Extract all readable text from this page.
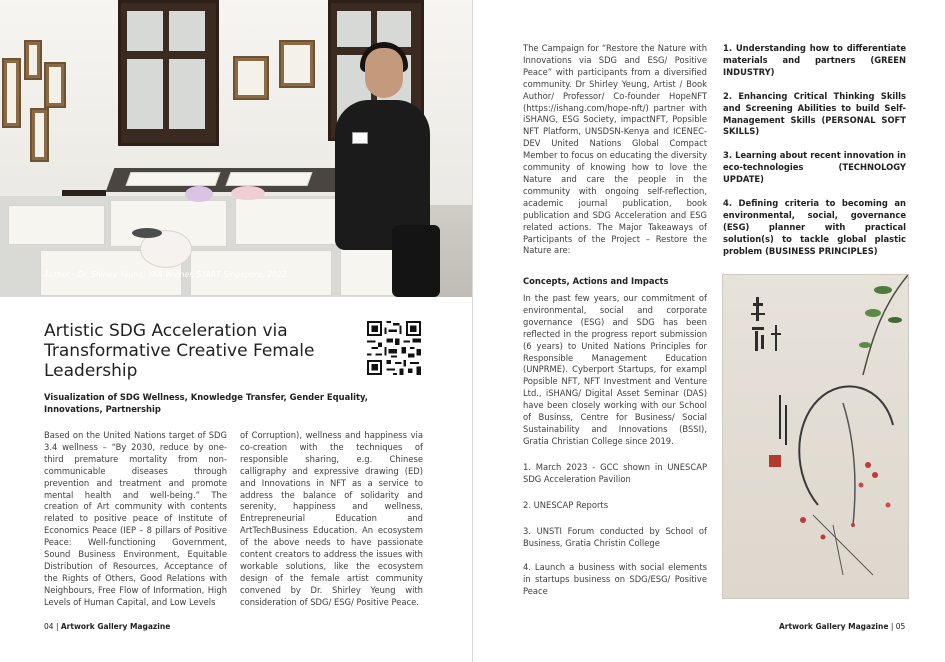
Author - Dr. Shirley Yeung, YAA Winner, SYART Singapore, 2022
Artistic SDG Acceleration via Transformative Creative Female Leadership
Visualization of SDG Wellness, Knowledge Transfer, Gender Equality, Innovations, Partnership

Based on the United Nations target of SDG 3.4 wellness – “By 2030, reduce by one-third premature mortality from non-communicable diseases through prevention and treatment and promote mental health and well-being.” The creation of Art community with contents related to positive peace of Institute of Economics Peace (IEP – 8 pillars of Positive Peace: Well-functioning Government, Sound Business Environment, Equitable Distribution of Resources, Acceptance of the Rights of Others, Good Relations with Neighbours, Free Flow of Information, High Levels of Human Capital, and Low Levels

of Corruption), wellness and happiness via co-creation with the techniques of responsible sharing, e.g. Chinese calligraphy and expressive drawing (ED) and Innovations in NFT as a service to address the balance of solidarity and serenity, happiness and wellness, Entrepreneurial Education and ArtTechBusiness Education. An ecosystem of the above needs to have passionate content creators to address the issues with workable solutions, like the ecosystem design of the female artist community convened by Dr. Shirley Yeung with consideration of SDG/ ESG/ Positive Peace.

04 | Artwork Gallery Magazine

The Campaign for “Restore the Nature with Innovations via SDG and ESG/ Positive Peace” with participants from a diversified community. Dr Shirley Yeung, Artist / Book Author/ Professor/ Co-founder HopeNFT (https://ishang.com/hope-nft/) partner with iSHANG, ESG Society, impactNFT, Popsible NFT Platform, UNSDSN-Kenya and ICENEC-DEV United Nations Global Compact Member to focus on educating the diversity community of knowing how to love the Nature and care the people in the community with ongoing self-reflection, academic journal publication, book publication and SDG Acceleration and ESG related actions. The Major Takeaways of Participants of the Project – Restore the Nature are:

1. Understanding how to differentiate materials and partners (GREEN INDUSTRY)

2. Enhancing Critical Thinking Skills and Screening Abilities to build Self-Management Skills (PERSONAL SOFT SKILLS)

3. Learning about recent innovation in eco-technologies (TECHNOLOGY UPDATE)

4. Defining criteria to becoming an environmental, social, governance (ESG) planner with practical solution(s) to tackle global plastic problem (BUSINESS PRINCIPLES)

Concepts, Actions and Impacts

In the past few years, our commitment of environmental, social and corporate governance (ESG) and SDG has been reflected in the progress report submission (6 years) to United Nations Principles for Responsible Management Education (UNPRME). Cyberport Startups, for exampl Popsible NFT, NFT Investment and Venture Ltd., iSHANG/ Digital Asset Seminar (DAS) have been closely working with our School of Businss, Centre for Business/ Social Sustainability and Innovations (BSSI), Gratia Christian College since 2019.

1. March 2023 - GCC shown in UNESCAP SDG Acceleration Pavilion
2. UNESCAP Reports
3. UNSTI Forum conducted by School of Business, Gratia Christin College
4. Launch a business with social elements in startups business on SDG/ESG/ Positive Peace
Artwork Gallery Magazine | 05
